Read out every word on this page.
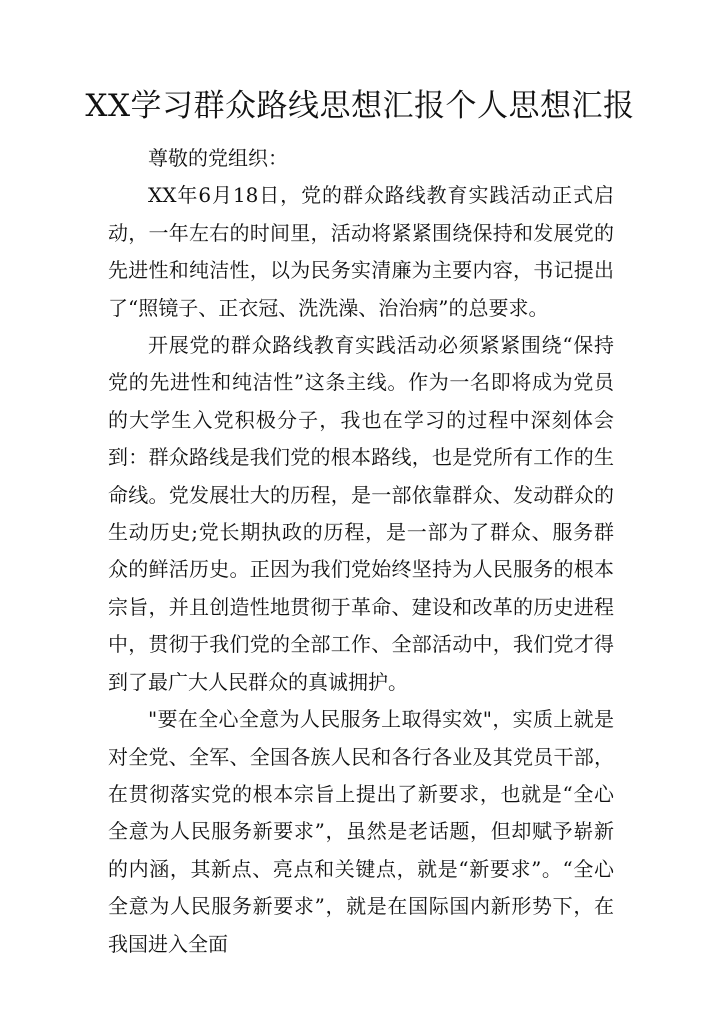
XX学习群众路线思想汇报个人思想汇报

尊敬的党组织：

XX年6月18日，党的群众路线教育实践活动正式启动，一年左右的时间里，活动将紧紧围绕保持和发展党的先进性和纯洁性，以为民务实清廉为主要内容，书记提出了“照镜子、正衣冠、洗洗澡、治治病”的总要求。

开展党的群众路线教育实践活动必须紧紧围绕“保持党的先进性和纯洁性”这条主线。作为一名即将成为党员的大学生入党积极分子，我也在学习的过程中深刻体会到：群众路线是我们党的根本路线，也是党所有工作的生命线。党发展壮大的历程，是一部依靠群众、发动群众的生动历史;党长期执政的历程，是一部为了群众、服务群众的鲜活历史。正因为我们党始终坚持为人民服务的根本宗旨，并且创造性地贯彻于革命、建设和改革的历史进程中，贯彻于我们党的全部工作、全部活动中，我们党才得到了最广大人民群众的真诚拥护。

"要在全心全意为人民服务上取得实效"，实质上就是对全党、全军、全国各族人民和各行各业及其党员干部，在贯彻落实党的根本宗旨上提出了新要求，也就是“全心全意为人民服务新要求”，虽然是老话题，但却赋予崭新的内涵，其新点、亮点和关键点，就是“新要求”。“全心全意为人民服务新要求”，就是在国际国内新形势下，在我国进入全面
